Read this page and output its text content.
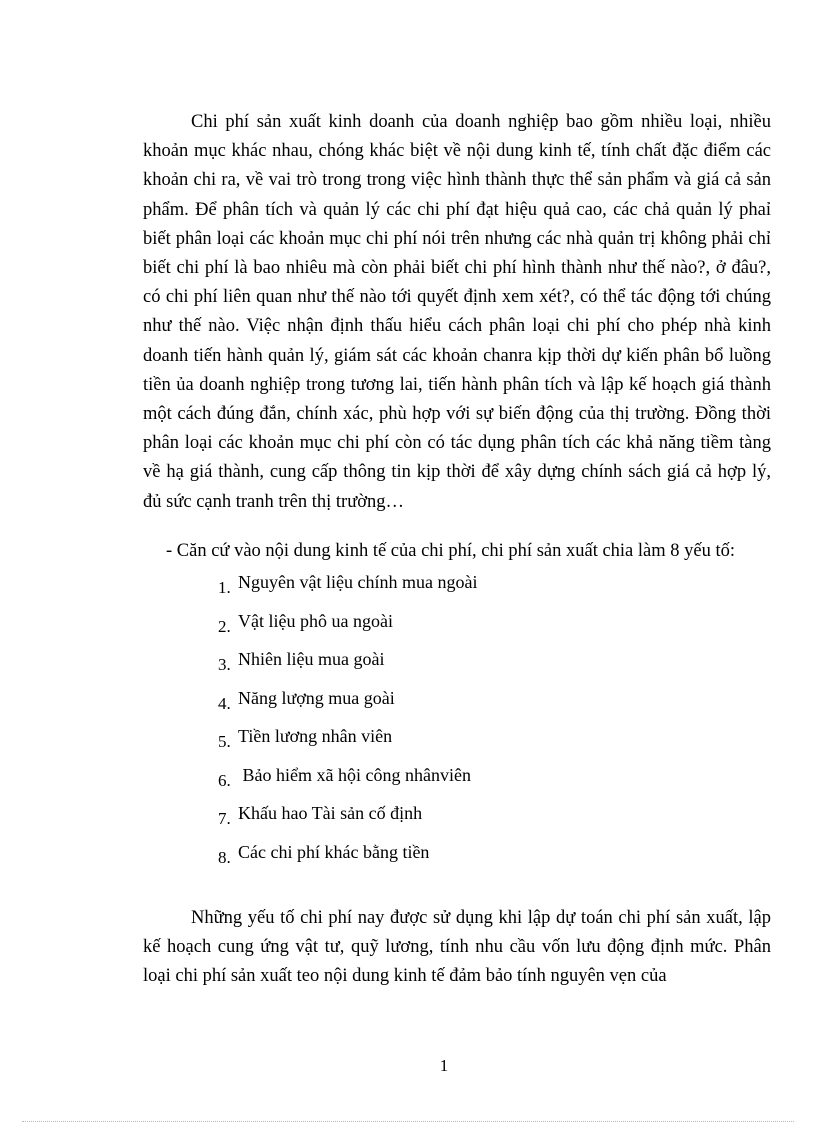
Chi phí sản xuất kinh doanh của doanh nghiệp bao gồm nhiều loại, nhiều khoản mục khác nhau, chóng khác biệt về nội dung kinh tế, tính chất đặc điểm các khoản chi ra, về vai trò trong trong việc hình thành thực thể sản phẩm và giá cả sản phẩm. Để phân tích và quản lý các chi phí đạt hiệu quả cao, các chả quản lý phaỉ biết phân loại các khoản mục chi phí nói trên nhưng các nhà quản trị không phải chỉ biết chi phí là bao nhiêu mà còn phải biết chi phí hình thành như thế nào?, ở đâu?, có chi phí liên quan như thế nào tới quyết định xem xét?, có thể tác động tới chúng như thế nào. Việc nhận định thấu hiểu cách phân loại chi phí cho phép nhà kinh doanh tiến hành quản lý, giám sát các khoản chanra kịp thời dự kiến phân bổ luồng tiền ủa doanh nghiệp trong tương lai, tiến hành phân tích và lập kế hoạch giá thành một cách đúng đắn, chính xác, phù hợp với sự biến động của thị trường. Đồng thời phân loại các khoản mục chi phí còn có tác dụng phân tích các khả năng tiềm tàng về hạ giá thành, cung cấp thông tin kịp thời để xây dựng chính sách giá cả hợp lý, đủ sức cạnh tranh trên thị trường…

- Căn cứ vào nội dung kinh tế của chi phí, chi phí sản xuất chia làm 8 yếu tố:

1. Nguyên vật liệu chính mua ngoài
2. Vật liệu phô ua ngoài
3. Nhiên liệu mua goài
4. Năng lượng mua goài
5. Tiền lương nhân viên
6. Bảo hiểm xã hội công nhânviên
7. Khấu hao Tài sản cố định
8. Các chi phí khác bằng tiền

Những yếu tố chi phí nay được sử dụng khi lập dự toán chi phí sản xuất, lập kế hoạch cung ứng vật tư, quỹ lương, tính nhu cầu vốn lưu động định mức. Phân loại chi phí sản xuất teo nội dung kinh tế đảm bảo tính nguyên vẹn của

1
